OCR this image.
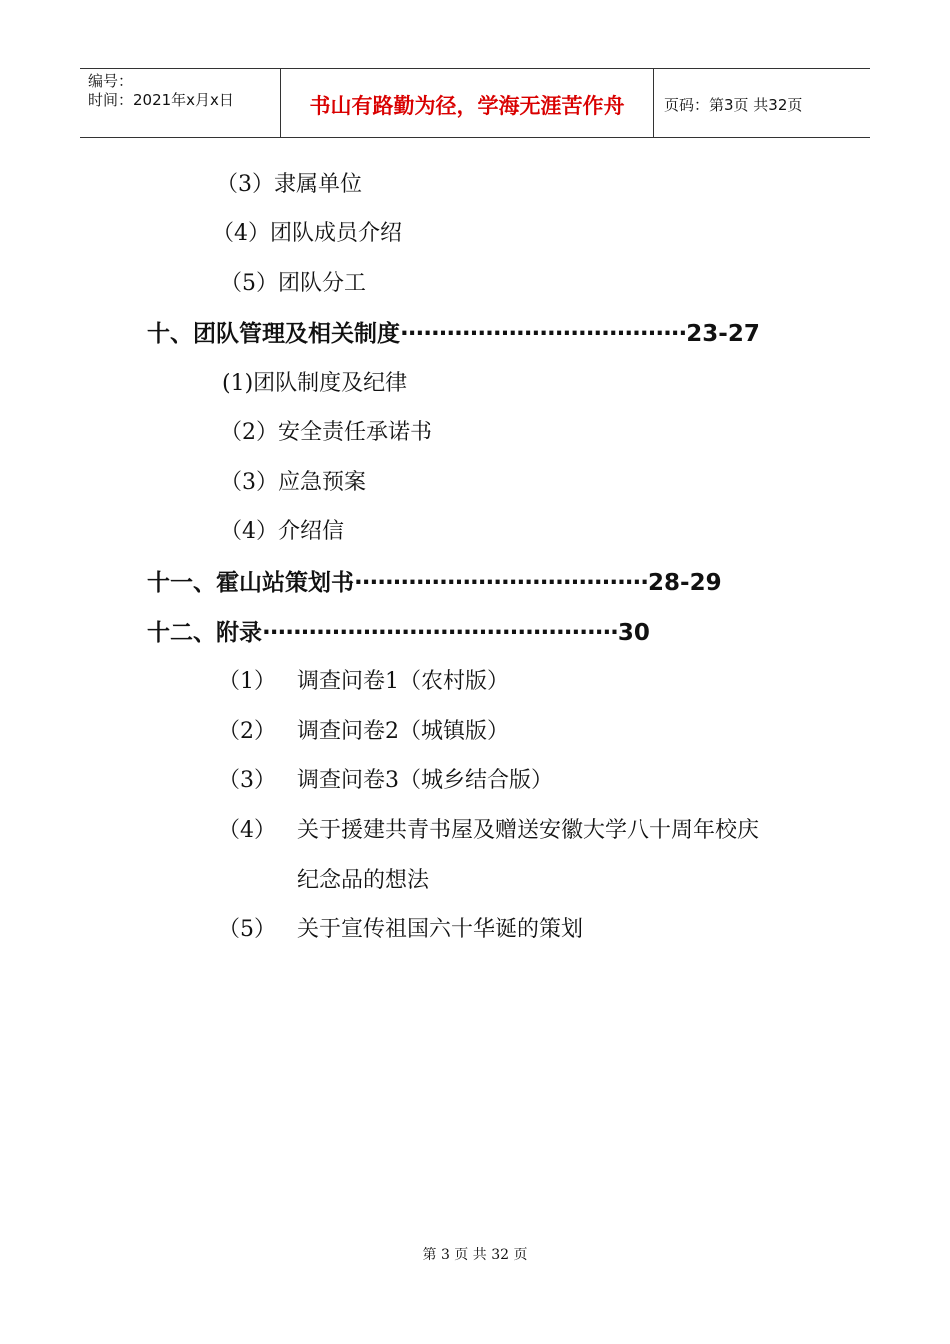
编号：
时间：2021年x月x日	书山有路勤为径，学海无涯苦作舟	页码：第3页 共32页
（3）隶属单位
（4）团队成员介绍
（5）团队分工
十、团队管理及相关制度·····································23-27
(1)团队制度及纪律
（2）安全责任承诺书
（3）应急预案
（4）介绍信
十一、霍山站策划书······································28-29
十二、附录··············································30
（1） 调查问卷1（农村版）
（2） 调查问卷2（城镇版）
（3） 调查问卷3（城乡结合版）
（4） 关于援建共青书屋及赠送安徽大学八十周年校庆
纪念品的想法
（5） 关于宣传祖国六十华诞的策划
第 3 页 共 32 页
